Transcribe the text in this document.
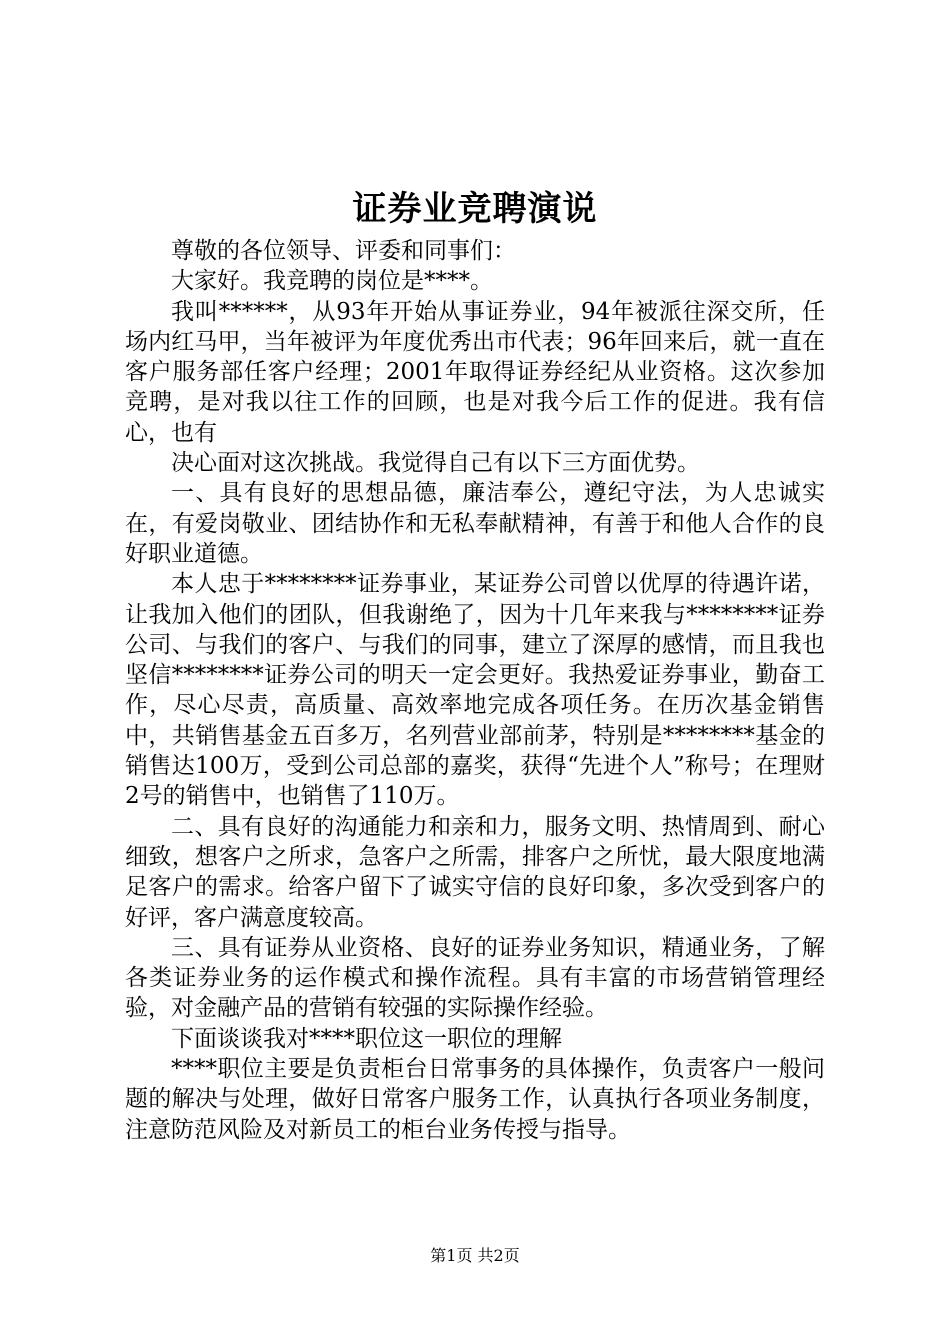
证券业竞聘演说

尊敬的各位领导、评委和同事们：

大家好。我竞聘的岗位是****。

我叫******，从93年开始从事证券业，94年被派往深交所，任场内红马甲，当年被评为年度优秀出市代表；96年回来后，就一直在客户服务部任客户经理；2001年取得证券经纪从业资格。这次参加竞聘，是对我以往工作的回顾，也是对我今后工作的促进。我有信心，也有

决心面对这次挑战。我觉得自己有以下三方面优势。

一、具有良好的思想品德，廉洁奉公，遵纪守法，为人忠诚实在，有爱岗敬业、团结协作和无私奉献精神，有善于和他人合作的良好职业道德。

本人忠于********证券事业，某证券公司曾以优厚的待遇许诺，让我加入他们的团队，但我谢绝了，因为十几年来我与********证券公司、与我们的客户、与我们的同事，建立了深厚的感情，而且我也坚信********证券公司的明天一定会更好。我热爱证券事业，勤奋工作，尽心尽责，高质量、高效率地完成各项任务。在历次基金销售中，共销售基金五百多万，名列营业部前茅，特别是********基金的销售达100万，受到公司总部的嘉奖，获得“先进个人”称号；在理财2号的销售中，也销售了110万。

二、具有良好的沟通能力和亲和力，服务文明、热情周到、耐心细致，想客户之所求，急客户之所需，排客户之所忧，最大限度地满足客户的需求。给客户留下了诚实守信的良好印象，多次受到客户的好评，客户满意度较高。

三、具有证券从业资格、良好的证券业务知识，精通业务，了解各类证券业务的运作模式和操作流程。具有丰富的市场营销管理经验，对金融产品的营销有较强的实际操作经验。

下面谈谈我对****职位这一职位的理解

****职位主要是负责柜台日常事务的具体操作，负责客户一般问题的解决与处理，做好日常客户服务工作，认真执行各项业务制度，注意防范风险及对新员工的柜台业务传授与指导。

第1页 共2页
